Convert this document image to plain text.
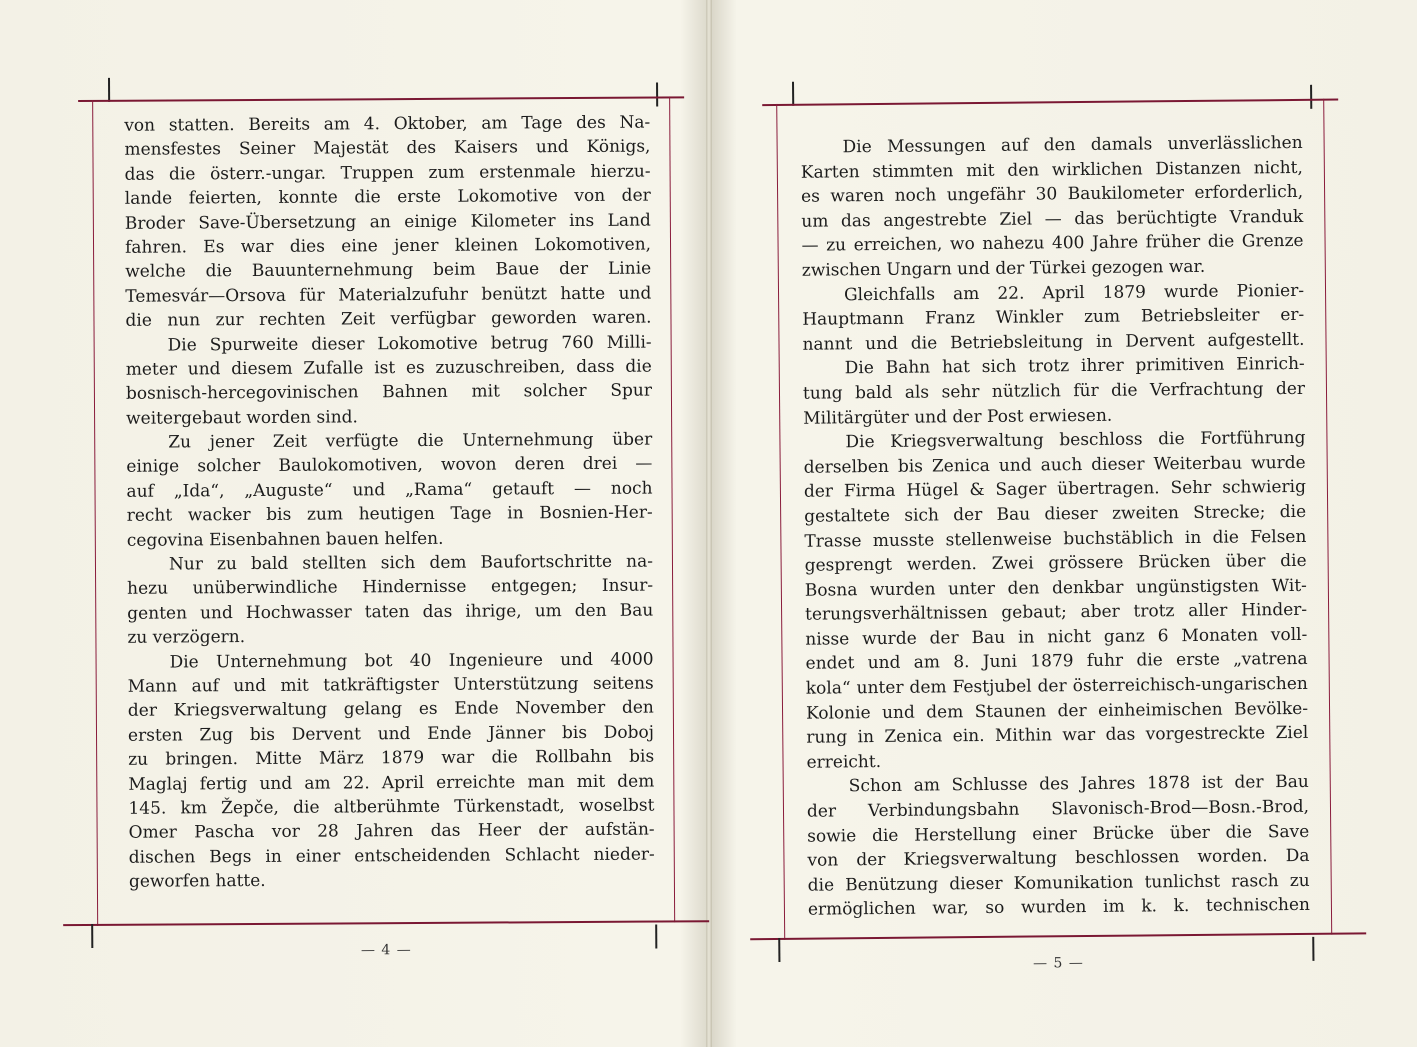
von statten. Bereits am 4. Oktober, am Tage des Na-
mensfestes Seiner Majestät des Kaisers und Königs,
das die österr.-ungar. Truppen zum erstenmale hierzu-
lande feierten, konnte die erste Lokomotive von der
Broder Save-Übersetzung an einige Kilometer ins Land
fahren. Es war dies eine jener kleinen Lokomotiven,
welche die Bauunternehmung beim Baue der Linie
Temesvár—Orsova für Materialzufuhr benützt hatte und
die nun zur rechten Zeit verfügbar geworden waren.
Die Spurweite dieser Lokomotive betrug 760 Milli-
meter und diesem Zufalle ist es zuzuschreiben, dass die
bosnisch-hercegovinischen Bahnen mit solcher Spur
weitergebaut worden sind.
Zu jener Zeit verfügte die Unternehmung über
einige solcher Baulokomotiven, wovon deren drei —
auf „Ida“, „Auguste“ und „Rama“ getauft — noch
recht wacker bis zum heutigen Tage in Bosnien-Her-
cegovina Eisenbahnen bauen helfen.
Nur zu bald stellten sich dem Baufortschritte na-
hezu unüberwindliche Hindernisse entgegen; Insur-
genten und Hochwasser taten das ihrige, um den Bau
zu verzögern.
Die Unternehmung bot 40 Ingenieure und 4000
Mann auf und mit tatkräftigster Unterstützung seitens
der Kriegsverwaltung gelang es Ende November den
ersten Zug bis Dervent und Ende Jänner bis Doboj
zu bringen. Mitte März 1879 war die Rollbahn bis
Maglaj fertig und am 22. April erreichte man mit dem
145. km Žepče, die altberühmte Türkenstadt, woselbst
Omer Pascha vor 28 Jahren das Heer der aufstän-
dischen Begs in einer entscheidenden Schlacht nieder-
geworfen hatte.
— 4 —
Die Messungen auf den damals unverlässlichen
Karten stimmten mit den wirklichen Distanzen nicht,
es waren noch ungefähr 30 Baukilometer erforderlich,
um das angestrebte Ziel — das berüchtigte Vranduk
— zu erreichen, wo nahezu 400 Jahre früher die Grenze
zwischen Ungarn und der Türkei gezogen war.
Gleichfalls am 22. April 1879 wurde Pionier-
Hauptmann Franz Winkler zum Betriebsleiter er-
nannt und die Betriebsleitung in Dervent aufgestellt.
Die Bahn hat sich trotz ihrer primitiven Einrich-
tung bald als sehr nützlich für die Verfrachtung der
Militärgüter und der Post erwiesen.
Die Kriegsverwaltung beschloss die Fortführung
derselben bis Zenica und auch dieser Weiterbau wurde
der Firma Hügel & Sager übertragen. Sehr schwierig
gestaltete sich der Bau dieser zweiten Strecke; die
Trasse musste stellenweise buchstäblich in die Felsen
gesprengt werden. Zwei grössere Brücken über die
Bosna wurden unter den denkbar ungünstigsten Wit-
terungsverhältnissen gebaut; aber trotz aller Hinder-
nisse wurde der Bau in nicht ganz 6 Monaten voll-
endet und am 8. Juni 1879 fuhr die erste „vatrena
kola“ unter dem Festjubel der österreichisch-ungarischen
Kolonie und dem Staunen der einheimischen Bevölke-
rung in Zenica ein. Mithin war das vorgestreckte Ziel
erreicht.
Schon am Schlusse des Jahres 1878 ist der Bau
der Verbindungsbahn Slavonisch-Brod—Bosn.-Brod,
sowie die Herstellung einer Brücke über die Save
von der Kriegsverwaltung beschlossen worden. Da
die Benützung dieser Komunikation tunlichst rasch zu
ermöglichen war, so wurden im k. k. technischen
— 5 —
